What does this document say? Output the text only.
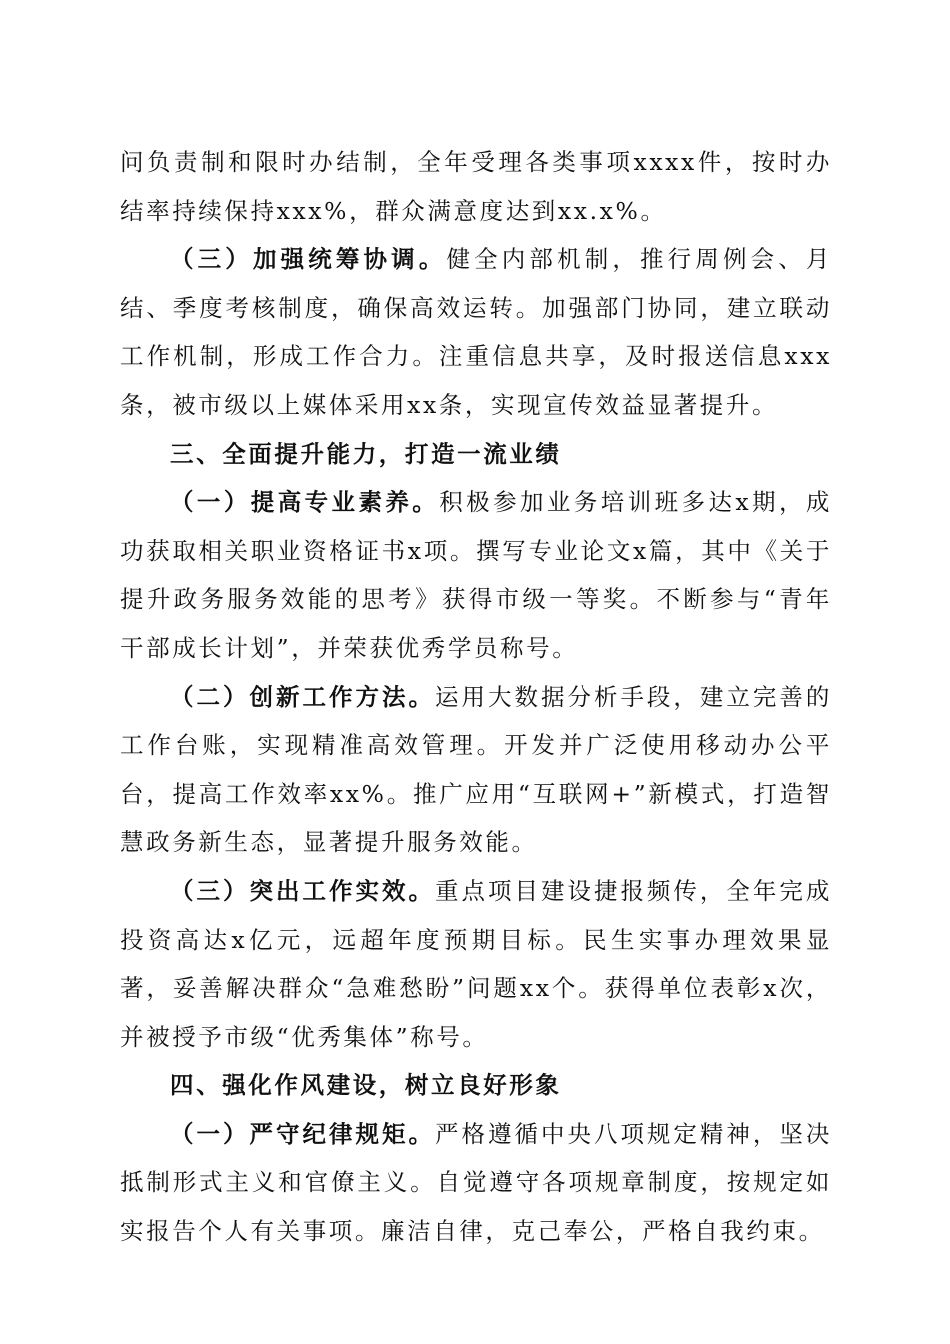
问负责制和限时办结制，全年受理各类事项xxxx件，按时办结率持续保持xxx%，群众满意度达到xx.x%。

（三）加强统筹协调。健全内部机制，推行周例会、月结、季度考核制度，确保高效运转。加强部门协同，建立联动工作机制，形成工作合力。注重信息共享，及时报送信息xxx条，被市级以上媒体采用xx条，实现宣传效益显著提升。

三、全面提升能力，打造一流业绩

（一）提高专业素养。积极参加业务培训班多达x期，成功获取相关职业资格证书x项。撰写专业论文x篇，其中《关于提升政务服务效能的思考》获得市级一等奖。不断参与“青年干部成长计划”，并荣获优秀学员称号。

（二）创新工作方法。运用大数据分析手段，建立完善的工作台账，实现精准高效管理。开发并广泛使用移动办公平台，提高工作效率xx%。推广应用“互联网+”新模式，打造智慧政务新生态，显著提升服务效能。

（三）突出工作实效。重点项目建设捷报频传，全年完成投资高达x亿元，远超年度预期目标。民生实事办理效果显著，妥善解决群众“急难愁盼”问题xx个。获得单位表彰x次，并被授予市级“优秀集体”称号。

四、强化作风建设，树立良好形象

（一）严守纪律规矩。严格遵循中央八项规定精神，坚决抵制形式主义和官僚主义。自觉遵守各项规章制度，按规定如实报告个人有关事项。廉洁自律，克己奉公，严格自我约束。
